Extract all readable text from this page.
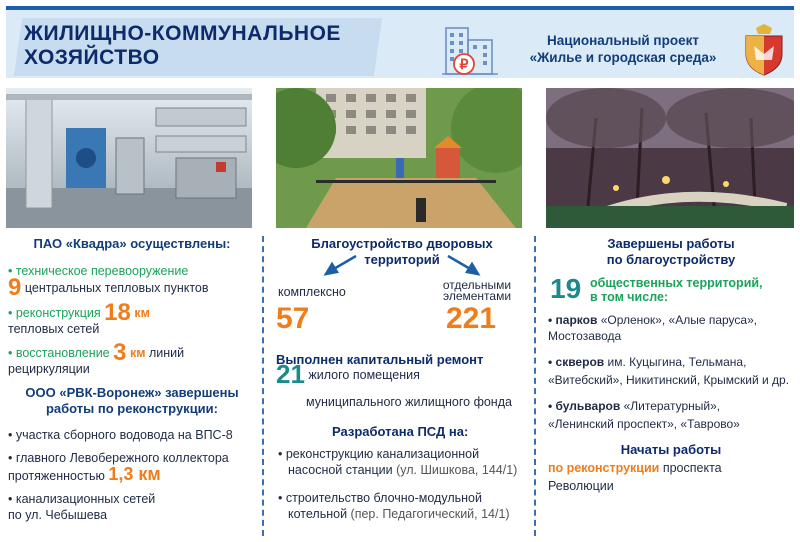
ЖИЛИЩНО-КОММУНАЛЬНОЕ
ХОЗЯЙСТВО	₽
Национальный проект
«Жилье и городская среда»
ПАО «Квадра» осуществлены:
• техническое перевооружение
9 центральных тепловых пунктов
• реконструкция 18 км
тепловых сетей
• восстановление 3 км линий
рециркуляции
ООО «РВК-Воронеж» завершены
работы по реконструкции:
• участка сборного водовода на ВПС-8
• главного Левобережного коллектора
протяженностью 1,3 км
• канализационных сетей
по ул. Чебышева
Благоустройство дворовых
территорий
комплексно	отдельными
элементами
57	221
Выполнен капитальный ремонт
21 жилого помещения
муниципального жилищного фонда
Разработана ПСД на:
• реконструкцию канализационной
насосной станции (ул. Шишкова, 144/1)
• строительство блочно-модульной
котельной (пер. Педагогический, 14/1)
Завершены работы
по благоустройству
19 общественных территорий,
в том числе:
• парков «Орленок», «Алые паруса»,
Мостозавода
• скверов им. Куцыгина, Тельмана,
«Витебский», Никитинский, Крымский и др.
• бульваров «Литературный»,
«Ленинский проспект», «Таврово»
Начаты работы
по реконструкции проспекта
Революции
